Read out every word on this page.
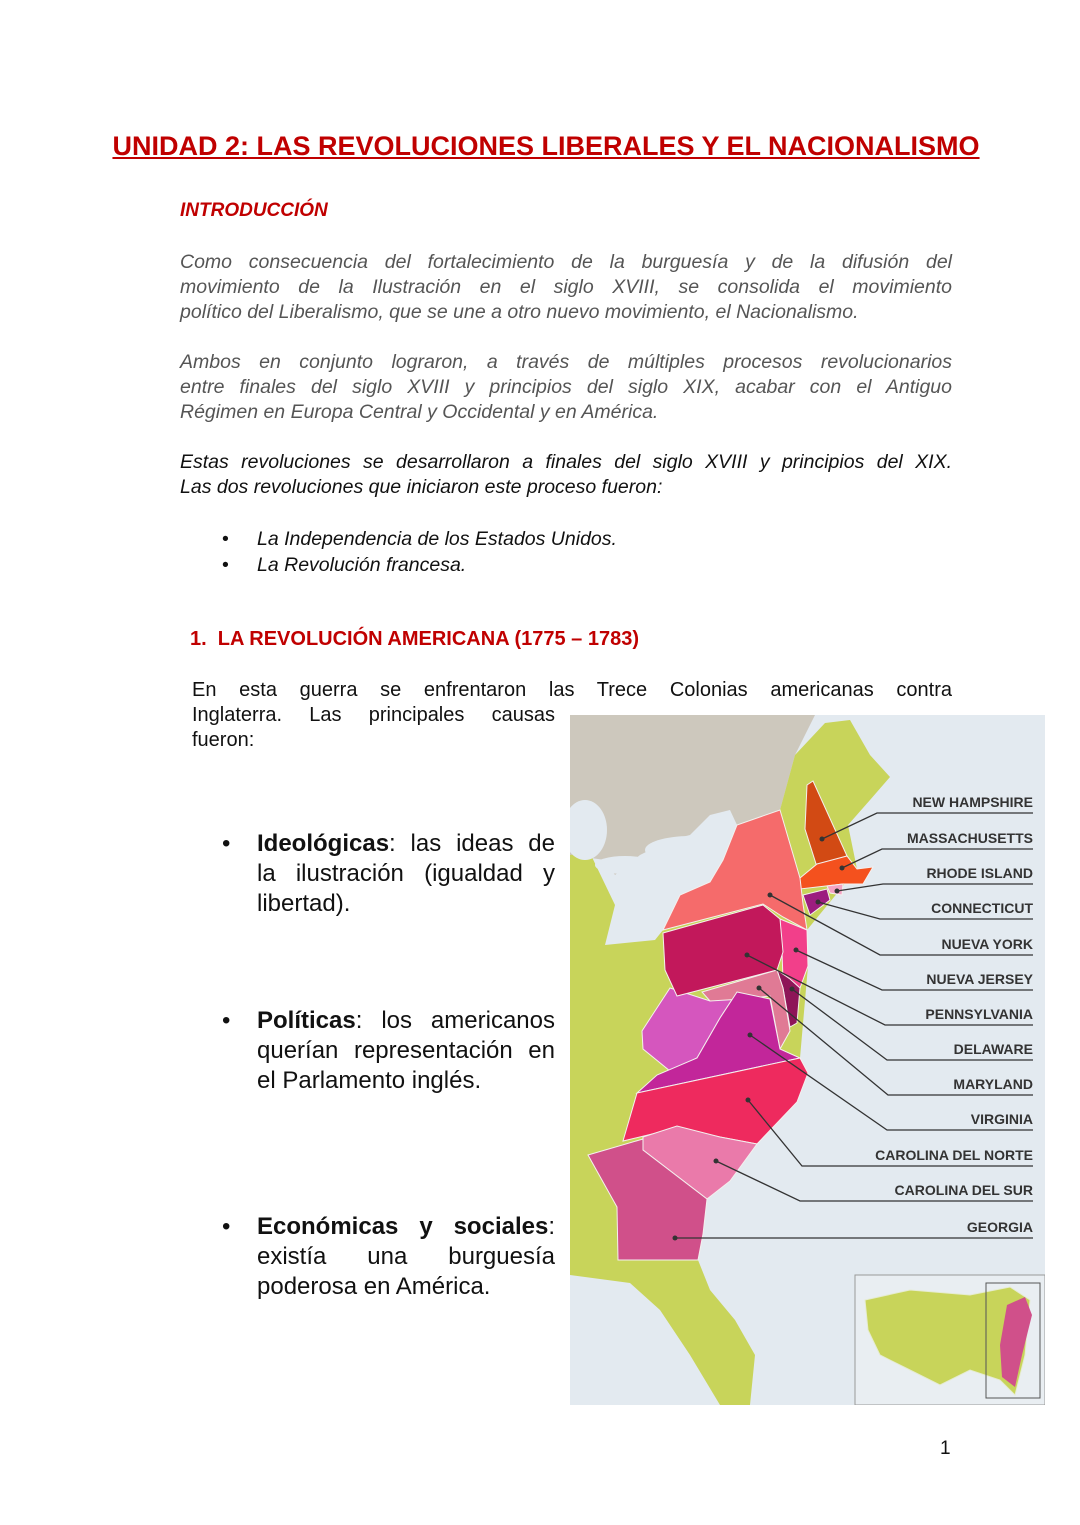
UNIDAD 2: LAS REVOLUCIONES LIBERALES Y EL NACIONALISMO
INTRODUCCIÓN
Como consecuencia del fortalecimiento de la burguesía y de la difusión del
movimiento de la Ilustración en el siglo XVIII, se consolida el movimiento
político del Liberalismo, que se une a otro nuevo movimiento, el Nacionalismo.
Ambos en conjunto lograron, a través de múltiples procesos revolucionarios
entre finales del siglo XVIII y principios del siglo XIX, acabar con el Antiguo
Régimen en Europa Central y Occidental y en América.
Estas revoluciones se desarrollaron a finales del siglo XVIII y principios del XIX.
Las dos revoluciones que iniciaron este proceso fueron:
•	La Independencia de los Estados Unidos.
•	La Revolución francesa.
1.  LA REVOLUCIÓN AMERICANA (1775 – 1783)
En esta guerra se enfrentaron las Trece Colonias americanas contra
Inglaterra. Las principales causas
fueron:
•	Ideológicas: las ideas de la ilustración (igualdad y libertad).
•	Políticas: los americanos querían representación en el Parlamento inglés.
•	Económicas y sociales: existía una burguesía poderosa en América.
NEW HAMPSHIRE
MASSACHUSETTS
RHODE ISLAND
CONNECTICUT
NUEVA YORK
NUEVA JERSEY
PENNSYLVANIA
DELAWARE
MARYLAND
VIRGINIA
CAROLINA DEL NORTE
CAROLINA DEL SUR
GEORGIA
1
